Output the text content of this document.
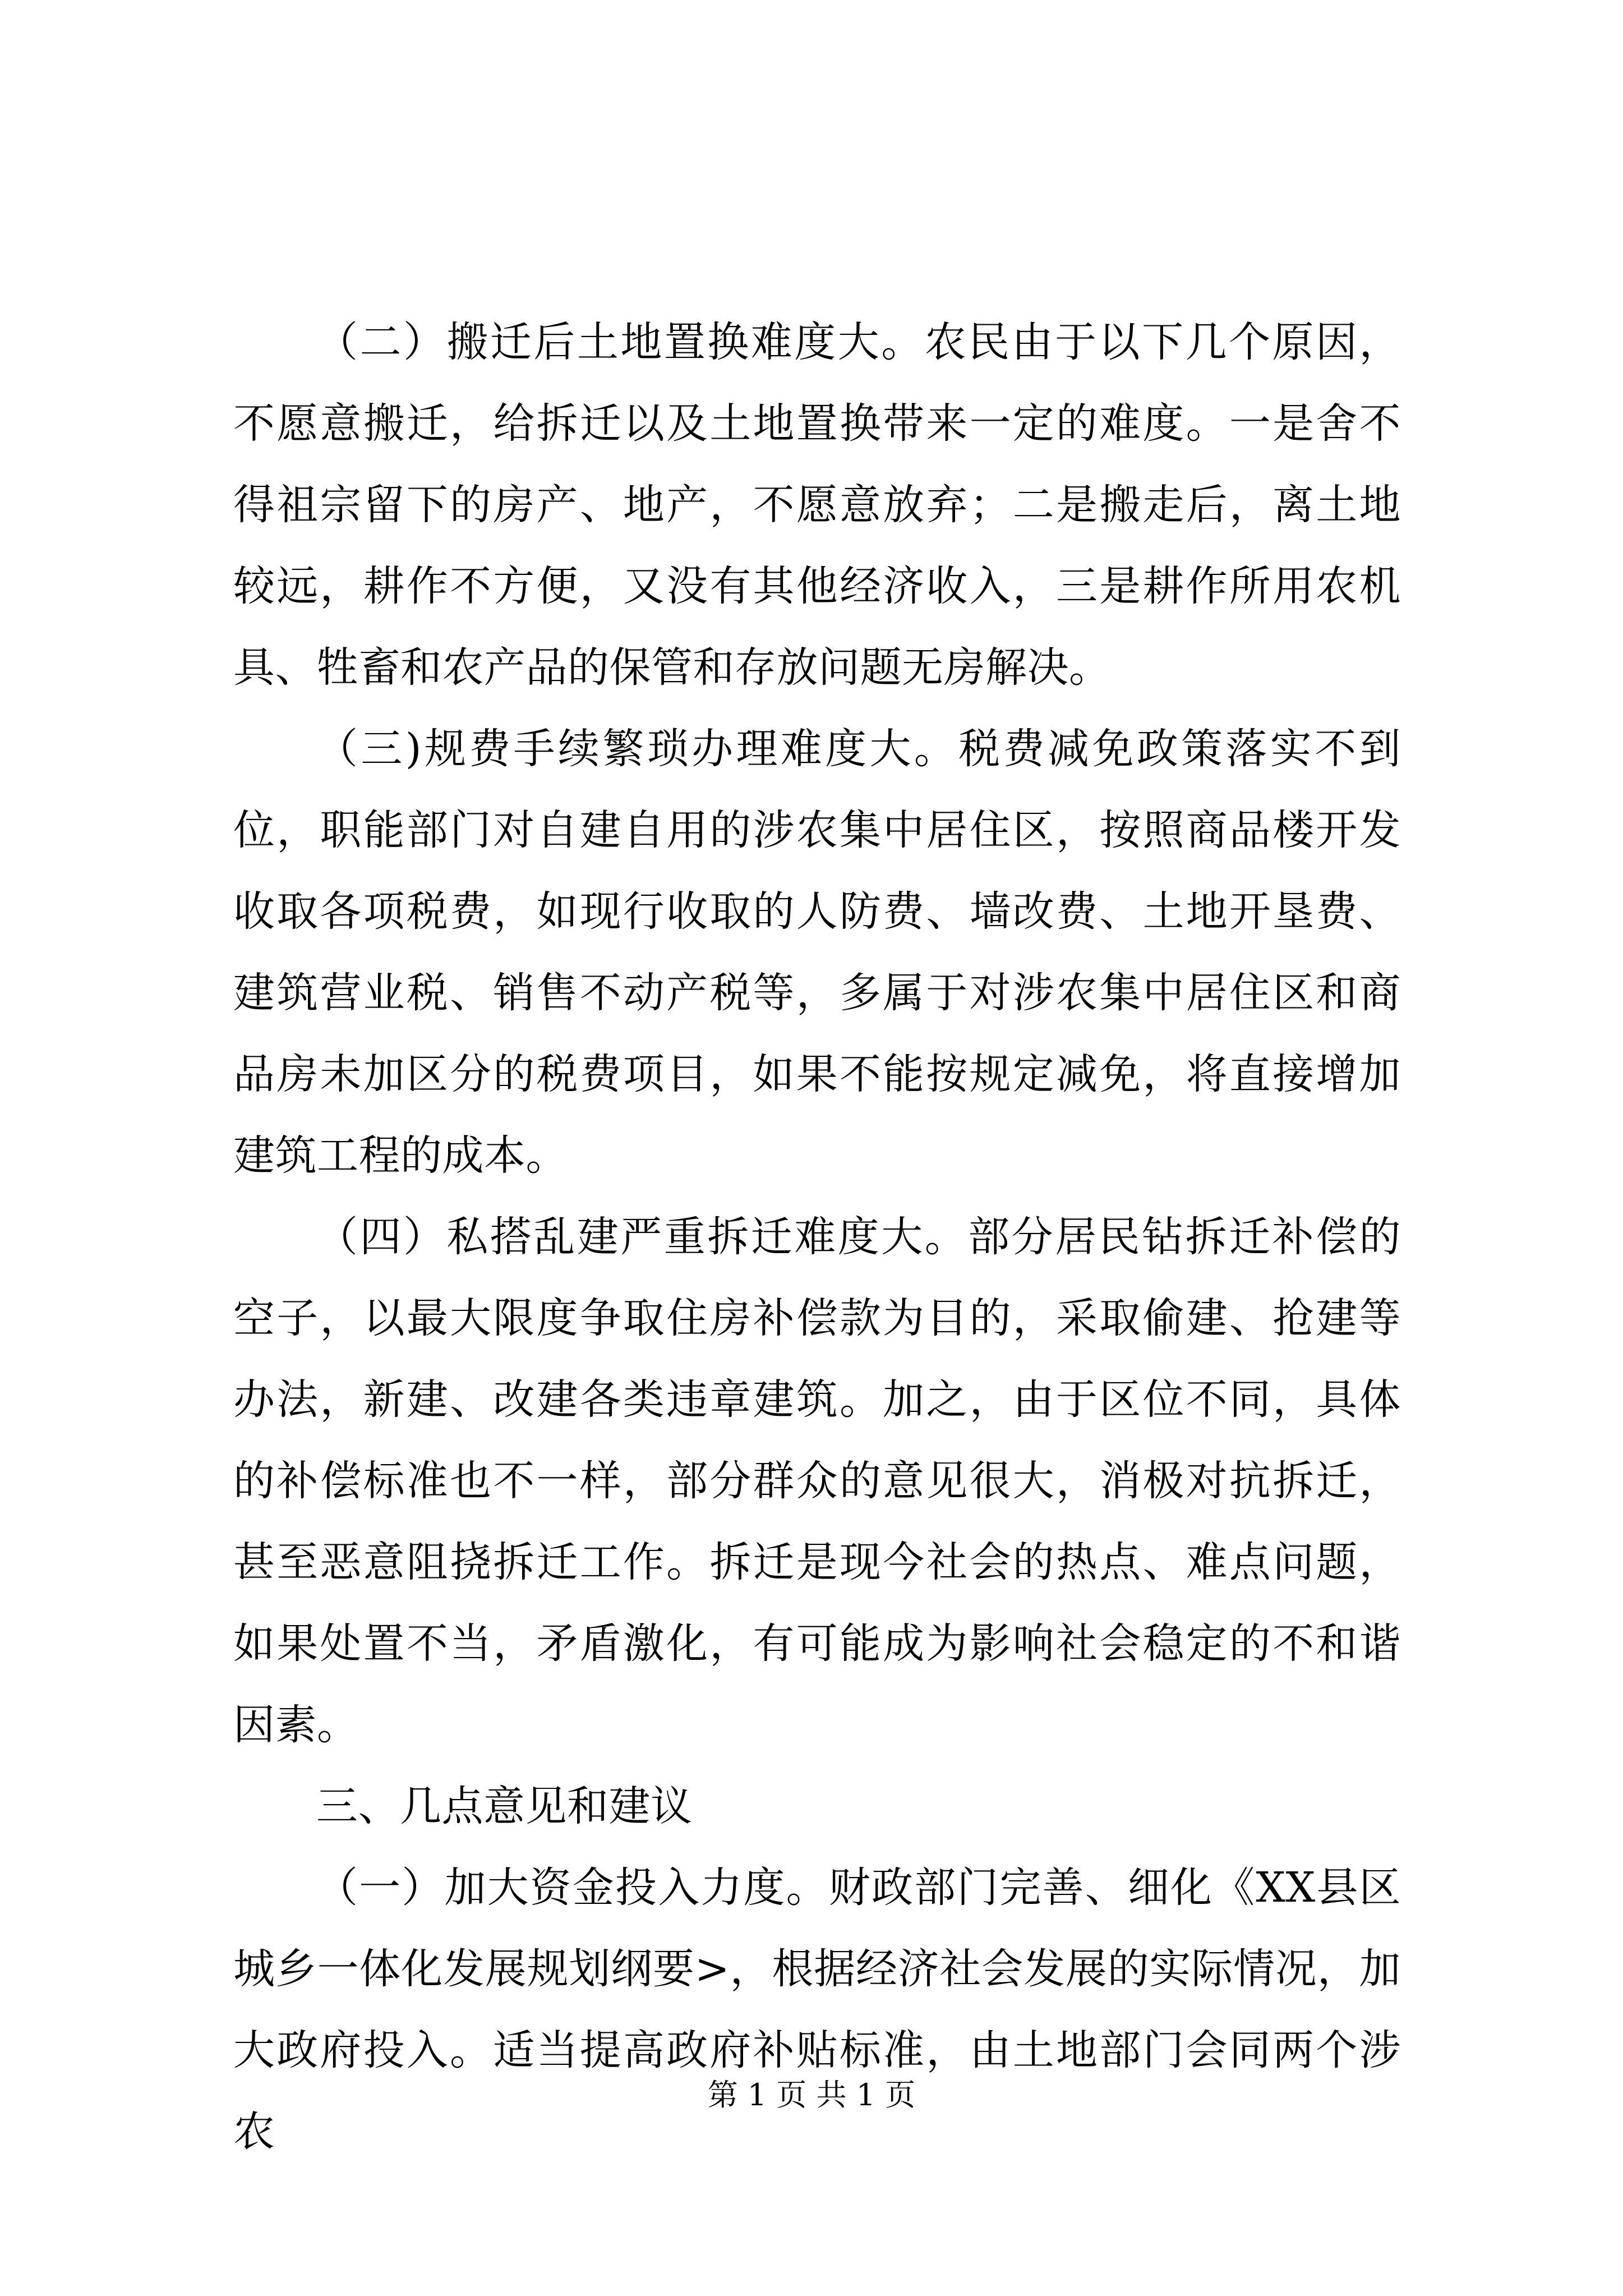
（二）搬迁后土地置换难度大。农民由于以下几个原因，不愿意搬迁，给拆迁以及土地置换带来一定的难度。一是舍不得祖宗留下的房产、地产，不愿意放弃；二是搬走后，离土地较远，耕作不方便，又没有其他经济收入，三是耕作所用农机具、牲畜和农产品的保管和存放问题无房解决。

（三)规费手续繁琐办理难度大。税费减免政策落实不到位，职能部门对自建自用的涉农集中居住区，按照商品楼开发收取各项税费，如现行收取的人防费、墙改费、土地开垦费、建筑营业税、销售不动产税等，多属于对涉农集中居住区和商品房未加区分的税费项目，如果不能按规定减免，将直接增加建筑工程的成本。

（四）私搭乱建严重拆迁难度大。部分居民钻拆迁补偿的空子，以最大限度争取住房补偿款为目的，采取偷建、抢建等办法，新建、改建各类违章建筑。加之，由于区位不同，具体的补偿标准也不一样，部分群众的意见很大，消极对抗拆迁，甚至恶意阻挠拆迁工作。拆迁是现今社会的热点、难点问题，如果处置不当，矛盾激化，有可能成为影响社会稳定的不和谐因素。

三、几点意见和建议

（一）加大资金投入力度。财政部门完善、细化《XX县区城乡一体化发展规划纲要>，根据经济社会发展的实际情况，加大政府投入。适当提高政府补贴标准，由土地部门会同两个涉农

第 1 页 共 1 页
